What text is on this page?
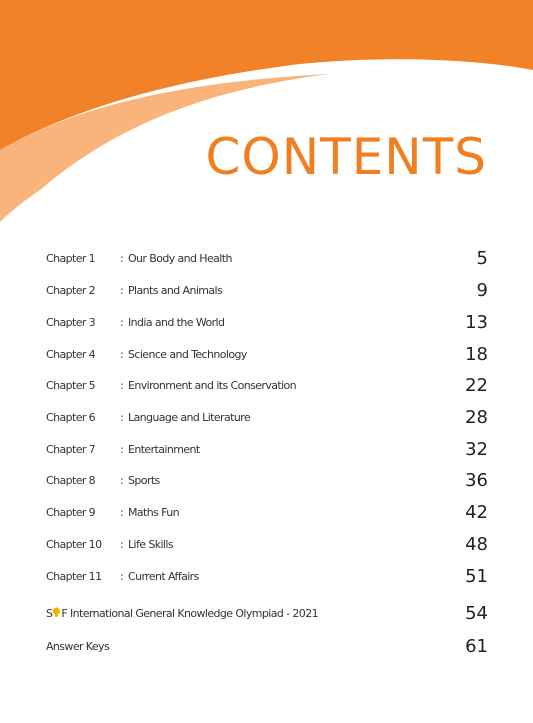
CONTENTS
Chapter 1 : Our Body and Health	5
Chapter 2 : Plants and Animals	9
Chapter 3 : India and the World	13
Chapter 4 : Science and Technology	18
Chapter 5 : Environment and its Conservation	22
Chapter 6 : Language and Literature	28
Chapter 7 : Entertainment	32
Chapter 8 : Sports	36
Chapter 9 : Maths Fun	42
Chapter 10 : Life Skills	48
Chapter 11 : Current Affairs	51
S F International General Knowledge Olympiad - 2021	54
Answer Keys	61
